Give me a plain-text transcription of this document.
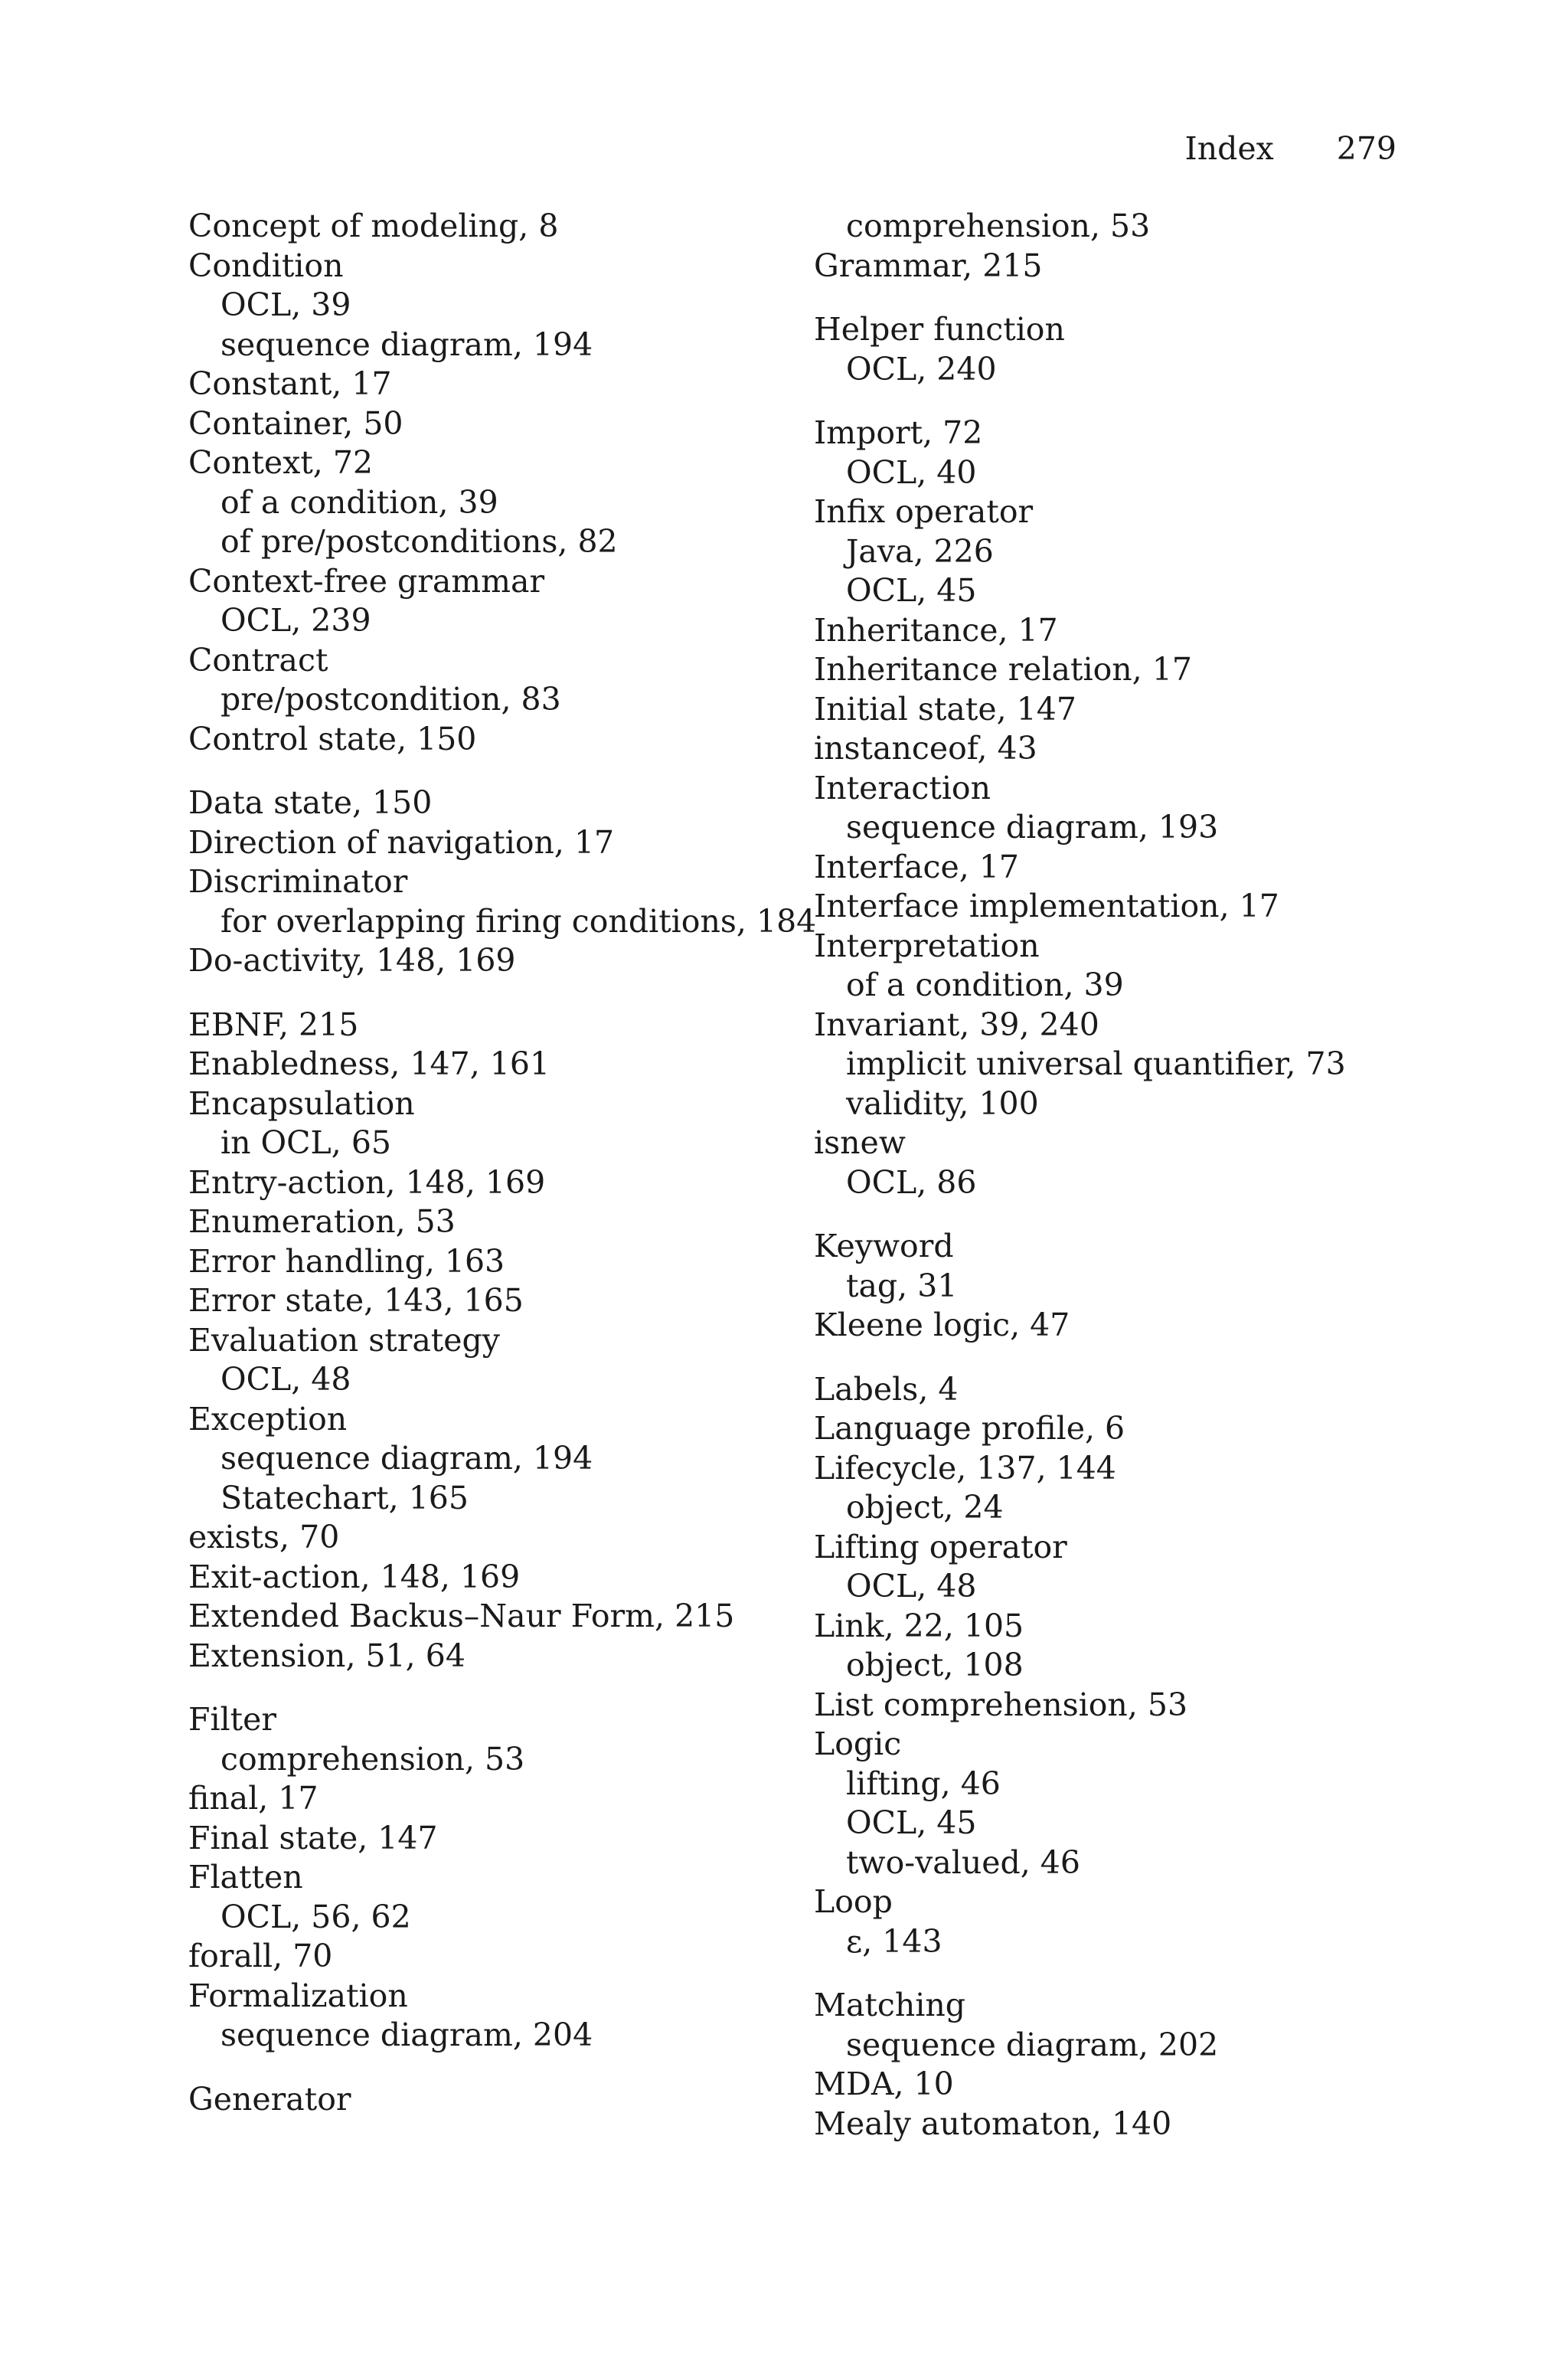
Index 279
Concept of modeling, 8
Condition
OCL, 39
sequence diagram, 194
Constant, 17
Container, 50
Context, 72
of a condition, 39
of pre/postconditions, 82
Context-free grammar
OCL, 239
Contract
pre/postcondition, 83
Control state, 150
Data state, 150
Direction of navigation, 17
Discriminator
for overlapping firing conditions, 184
Do-activity, 148, 169
EBNF, 215
Enabledness, 147, 161
Encapsulation
in OCL, 65
Entry-action, 148, 169
Enumeration, 53
Error handling, 163
Error state, 143, 165
Evaluation strategy
OCL, 48
Exception
sequence diagram, 194
Statechart, 165
exists, 70
Exit-action, 148, 169
Extended Backus–Naur Form, 215
Extension, 51, 64
Filter
comprehension, 53
final, 17
Final state, 147
Flatten
OCL, 56, 62
forall, 70
Formalization
sequence diagram, 204
Generator
comprehension, 53
Grammar, 215
Helper function
OCL, 240
Import, 72
OCL, 40
Infix operator
Java, 226
OCL, 45
Inheritance, 17
Inheritance relation, 17
Initial state, 147
instanceof, 43
Interaction
sequence diagram, 193
Interface, 17
Interface implementation, 17
Interpretation
of a condition, 39
Invariant, 39, 240
implicit universal quantifier, 73
validity, 100
isnew
OCL, 86
Keyword
tag, 31
Kleene logic, 47
Labels, 4
Language profile, 6
Lifecycle, 137, 144
object, 24
Lifting operator
OCL, 48
Link, 22, 105
object, 108
List comprehension, 53
Logic
lifting, 46
OCL, 45
two-valued, 46
Loop
ε, 143
Matching
sequence diagram, 202
MDA, 10
Mealy automaton, 140
